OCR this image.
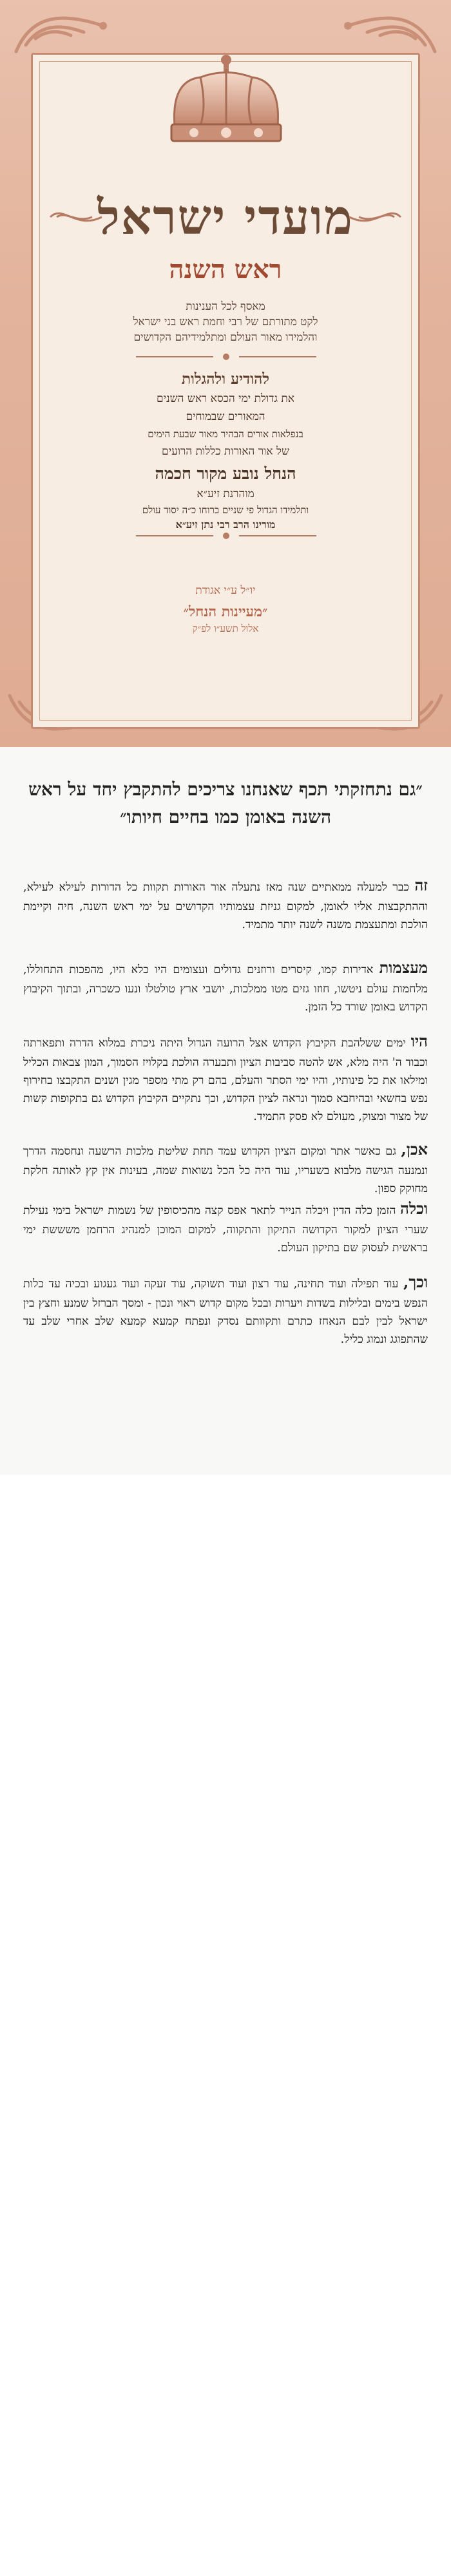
מועדי ישראל
ראש השנה
מאסף לכל הענינות
לקט מתורתם של רבי וחמת ראש בני ישראל
והלמידו מאור העולם ומתלמידיהם הקדושים
להודיע ולהגלות
את גדולת ימי הכסא ראש השנים
המאורים שבמוחים
בנפלאות אורים הבהיר מאור שבעת הימים
של אור האורות כללות הרועים
הנחל נובע מקור חכמה
מוהרנת זיע״א
ותלמידו הגדול פי שניים ברוחו כ״ה יסוד עולם
מורינו הרב רבי נתן זיע״א
יו״ל ע״י אגודת
״מעיינות הנחל״
אלול תשע״ו לפ״ק
״גם נתחזקתי תכף שאנחנו צריכים להתקבץ יחד על ראש השנה באומן כמו בחיים חיותו״

זה כבר למעלה ממאתיים שנה מאז נתעלה אור האורות תקוות כל הדורות לעילא לעילא, וההתקבצות אליו לאומן, למקום גניזת עצמותיו הקדושים על ימי ראש השנה, חיה וקיימת הולכת ומתעצמת משנה לשנה יותר מתמיד.

מעצמות אדירות קמו, קיסרים ורוזנים גדולים ועצומים היו כלא היו, מהפכות התחוללו, מלחמות עולם ניטשו, חוזו גזים מטו ממלכות, יושבי ארץ טולטלו ונעו כשכרה, ובתוך הקיבוץ הקדוש באומן שורד כל הזמן.

היו ימים ששלהבת הקיבוץ הקדוש אצל הרועה הגדול היתה ניכרת במלוא הדרה ותפארתה וכבוד ה' היה מלא, אש להטה סביבות הציון ותבערה הולכת בקלויז הסמוך, המון צבאות הכליל ומילאו את כל פינותיו, והיו ימי הסתר והעלם, בהם רק מתי מספר מגין ושנים התקבצו בחירוף נפש בחשאי ובהיחבא סמוך ונראה לציון הקדוש, וכך נתקיים הקיבוץ הקדוש גם בתקופות קשות של מצור ומצוק, מעולם לא פסק התמיד.

אכן, גם כאשר אתר ומקום הציון הקדוש עמד תחת שליטת מלכות הרשעה ונחסמה הדרך ונמנעה הגישה מלבוא בשעריו, עוד היה כל הכל נשואות שמה, בעינות אין קץ לאותה חלקת מחוקק ספון.

וכלה הזמן כלה הדין ויכלה הנייר לתאר אפס קצה מהכיסופין של נשמות ישראל בימי נעילת שערי הציון למקור הקדושה התיקון והתקווה, למקום המוכן למנהיג הרחמן משששת ימי בראשית לעסוק שם בתיקון העולם.

וכך, עוד תפילה ועוד תחינה, עוד רצון ועוד תשוקה, עוד זעקה ועוד געגוע ובכיה עד כלות הנפש בימים ובלילות בשדות ויערות ובכל מקום קדוש ראוי ונכון - ומסך הברזל שמנע וחצץ בין ישראל לבין לבם הנאחז כתרם ותקוותם נסדק ונפתח קמעא קמעא שלב אחרי שלב עד שהתפוגג ונמוג כליל.
